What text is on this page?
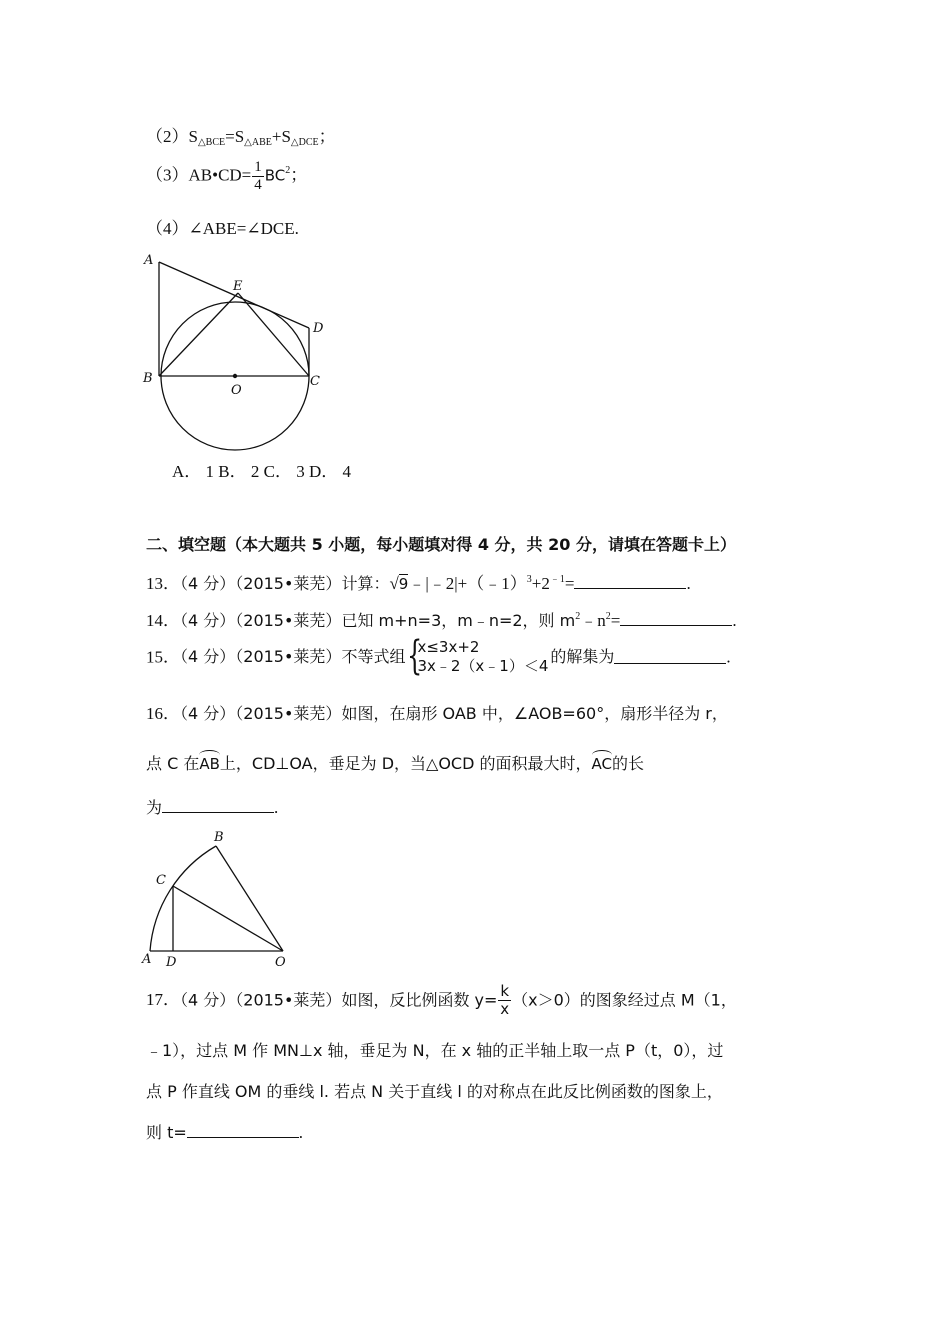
（2）S△BCE=S△ABE+S△DCE；
（3）AB•CD= $\frac{1}{4} BC^2$；
（4）∠ABE=∠DCE.
A
E
D
B
O
C
A． 1 B． 2 C． 3 D． 4
二、填空题（本大题共 5 小题，每小题填对得 4 分，共 20 分，请填在答题卡上）
13．（4 分）（2015•莱芜）计算：$√9﹣|﹣2|+(﹣1)^3+2^{﹣1}=$	.
14．（4 分）（2015•莱芜）已知 m+n=3，m﹣n=2，则 $m^2﹣n^2=$	.
15．（4 分）（2015•莱芜）不等式组 {
x≤3x+2
3x﹣2（x﹣1）＜4 的解集为	.
16．（4 分）（2015•莱芜）如图，在扇形 OAB 中，∠AOB=60°，扇形半径为 r，
点 C 在AB上，CD⊥OA，垂足为 D，当△OCD 的面积最大时，AC的长
为	.
B
C
A D	O
17．（4 分）（2015•莱芜）如图，反比例函数 $y= \frac{k}{x} (x>0)$的图象经过点 M（1，
﹣1），过点 M 作 MN⊥x 轴，垂足为 N，在 x 轴的正半轴上取一点 P（t，0），过
点 P 作直线 OM 的垂线 l. 若点 N 关于直线 l 的对称点在此反比例函数的图象上，
则 t=	.
